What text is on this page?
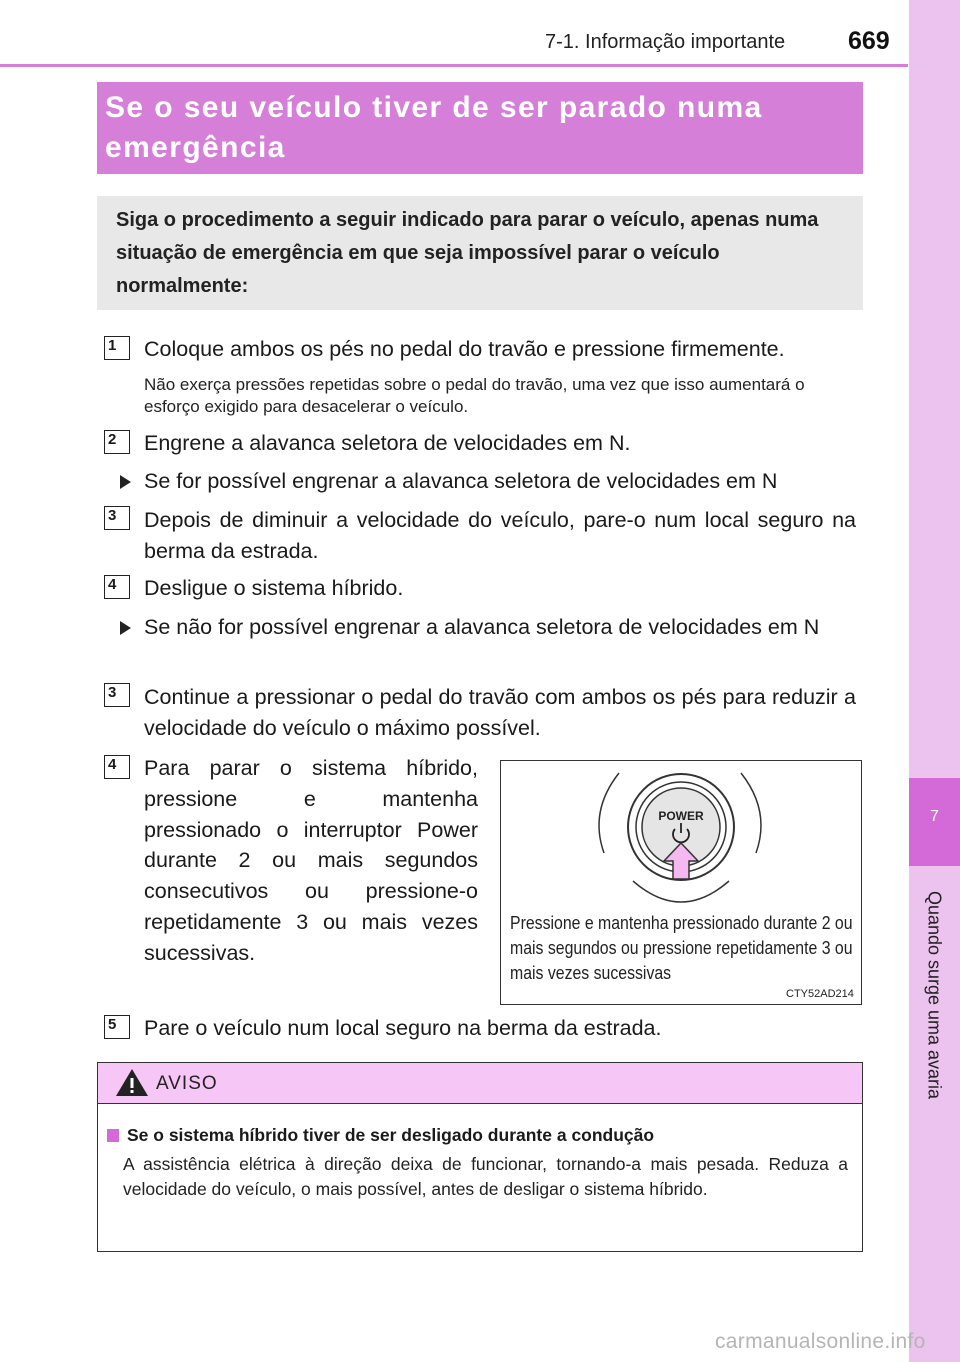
7-1. Informação importante	669
7
Quando surge uma avaria
Se o seu veículo tiver de ser parado numa emergência
Siga o procedimento a seguir indicado para parar o veículo, apenas numa situação de emergência em que seja impossível parar o veículo normalmente:
1	Coloque ambos os pés no pedal do travão e pressione firmemente.
Não exerça pressões repetidas sobre o pedal do travão, uma vez que isso aumentará o esforço exigido para desacelerar o veículo.
2	Engrene a alavanca seletora de velocidades em N.
Se for possível engrenar a alavanca seletora de velocidades em N
3	Depois de diminuir a velocidade do veículo, pare-o num local seguro na berma da estrada.
4	Desligue o sistema híbrido.
Se não for possível engrenar a alavanca seletora de velocidades em N
3	Continue a pressionar o pedal do travão com ambos os pés para reduzir a velocidade do veículo o máximo possível.
4	Para parar o sistema híbrido, pressione e mantenha pressionado o interruptor Power durante 2 ou mais segundos consecutivos ou pressione-o repetidamente 3 ou mais vezes sucessivas.
POWER
Pressione e mantenha pressionado durante 2 ou mais segundos ou pressione repetidamente 3 ou mais vezes sucessivas
CTY52AD214
5	Pare o veículo num local seguro na berma da estrada.
AVISO
Se o sistema híbrido tiver de ser desligado durante a condução
A assistência elétrica à direção deixa de funcionar, tornando-a mais pesada. Reduza a velocidade do veículo, o mais possível, antes de desligar o sistema híbrido.
carmanualsonline.info
